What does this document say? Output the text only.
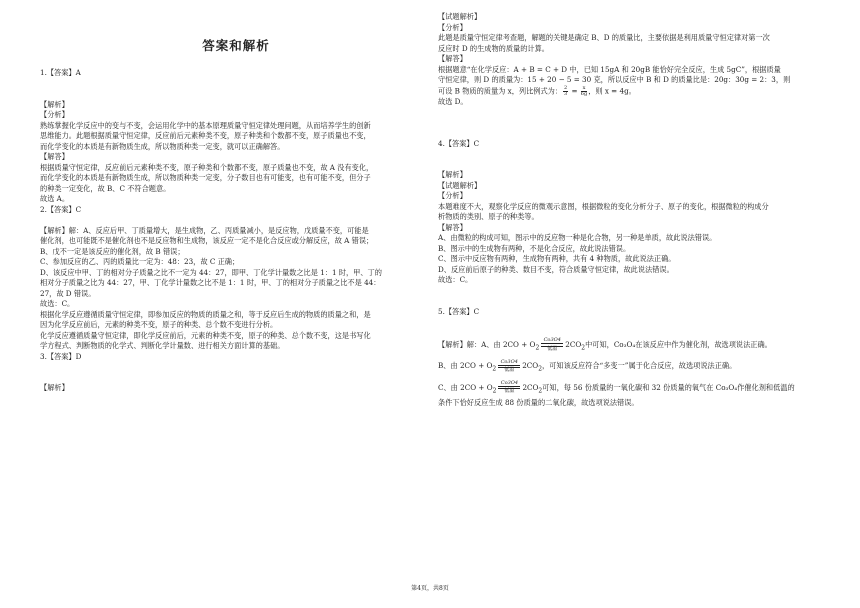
答案和解析
1.【答案】A
【解析】
【分析】
熟练掌握化学反应中的变与不变，会运用化学中的基本原理质量守恒定律处理问题，从而培养学生的创新
思维能力。此题根据质量守恒定律，反应前后元素种类不变，原子种类和个数都不变，原子质量也不变，
而化学变化的本质是有新物质生成，所以物质种类一定变，就可以正确解答。
【解答】
根据质量守恒定律，反应前后元素种类不变，原子种类和个数都不变，原子质量也不变，故 A 没有变化，
而化学变化的本质是有新物质生成，所以物质种类一定变，分子数目也有可能变，也有可能不变，但分子
的种类一定变化，故 B、C 不符合题意。
故选 A。
2.【答案】C
【解析】解：A、反应后甲、丁质量增大，是生成物，乙、丙质量减小，是反应物，戊质量不变，可能是
催化剂，也可能既不是催化剂也不是反应物和生成物，该反应一定不是化合反应或分解反应，故 A 错误；
B、戊不一定是该反应的催化剂，故 B 错误；
C、参加反应的乙、丙的质量比一定为：48：23，故 C 正确；
D、该反应中甲、丁的相对分子质量之比不一定为 44：27，即甲、丁化学计量数之比是 1：1 时，甲、丁的
相对分子质量之比为 44：27，甲、丁化学计量数之比不是 1：1 时，甲、丁的相对分子质量之比不是 44：
27，故 D 错误。
故选：C。
根据化学反应遵循质量守恒定律，即参加反应的物质的质量之和，等于反应后生成的物质的质量之和，是
因为化学反应前后，元素的种类不变，原子的种类、总个数不变进行分析。
化学反应遵循质量守恒定律，即化学反应前后，元素的种类不变，原子的种类、总个数不变，这是书写化
学方程式、判断物质的化学式、判断化学计量数、进行相关方面计算的基础。
3.【答案】D
【解析】
【试题解析】
【分析】
此题是质量守恒定律考查题，解题的关键是确定 B、D 的质量比，主要依据是利用质量守恒定律对第一次
反应时 D 的生成物的质量的计算。
【解答】
根据题意“在化学反应：A + B = C + D 中，已知 15gA 和 20gB 能恰好完全反应，生成 5gC”，根据质量
守恒定律，则 D 的质量为：15 + 20 − 5 = 30 克，所以反应中 B 和 D 的质量比是：20g：30g = 2：3，则
可设 B 物质的质量为 x，列比例式为： $\frac{2}{3} = \frac{x}{6g}$ ，则 x = 4g。
故选 D。
4.【答案】C
【解析】
【试题解析】
【分析】
本题难度不大，观察化学反应的微观示意图，根据微粒的变化分析分子、原子的变化，根据微粒的构成分
析物质的类别、原子的种类等。
【解答】
A、由微粒的构成可知，图示中的反应物一种是化合物，另一种是单质，故此说法错误。
B、图示中的生成物有两种，不是化合反应，故此说法错误。
C、图示中反应物有两种，生成物有两种，共有 4 种物质，故此说法正确。
D、反应前后原子的种类、数目不变，符合质量守恒定律，故此说法错误。
故选：C。
5.【答案】C
【解析】解：A、由 $2CO + O_2$
Co3O4
低温	$2CO_2$中可知，Co₃O₄在该反应中作为催化剂，故选项说法正确。
B、由 $2CO + O_2$
Co3O4
低温	$2CO_2$，可知该反应符合“多变一”属于化合反应，故选项说法正确。
C、由 $2CO + O_2$
Co3O4
低温	$2CO_2$可知，每 56 份质量的一氧化碳和 32 份质量的氧气在 Co₃O₄作催化剂和低温的
条件下恰好反应生成 88 份质量的二氧化碳，故选项说法错误。
第4页，共8页
